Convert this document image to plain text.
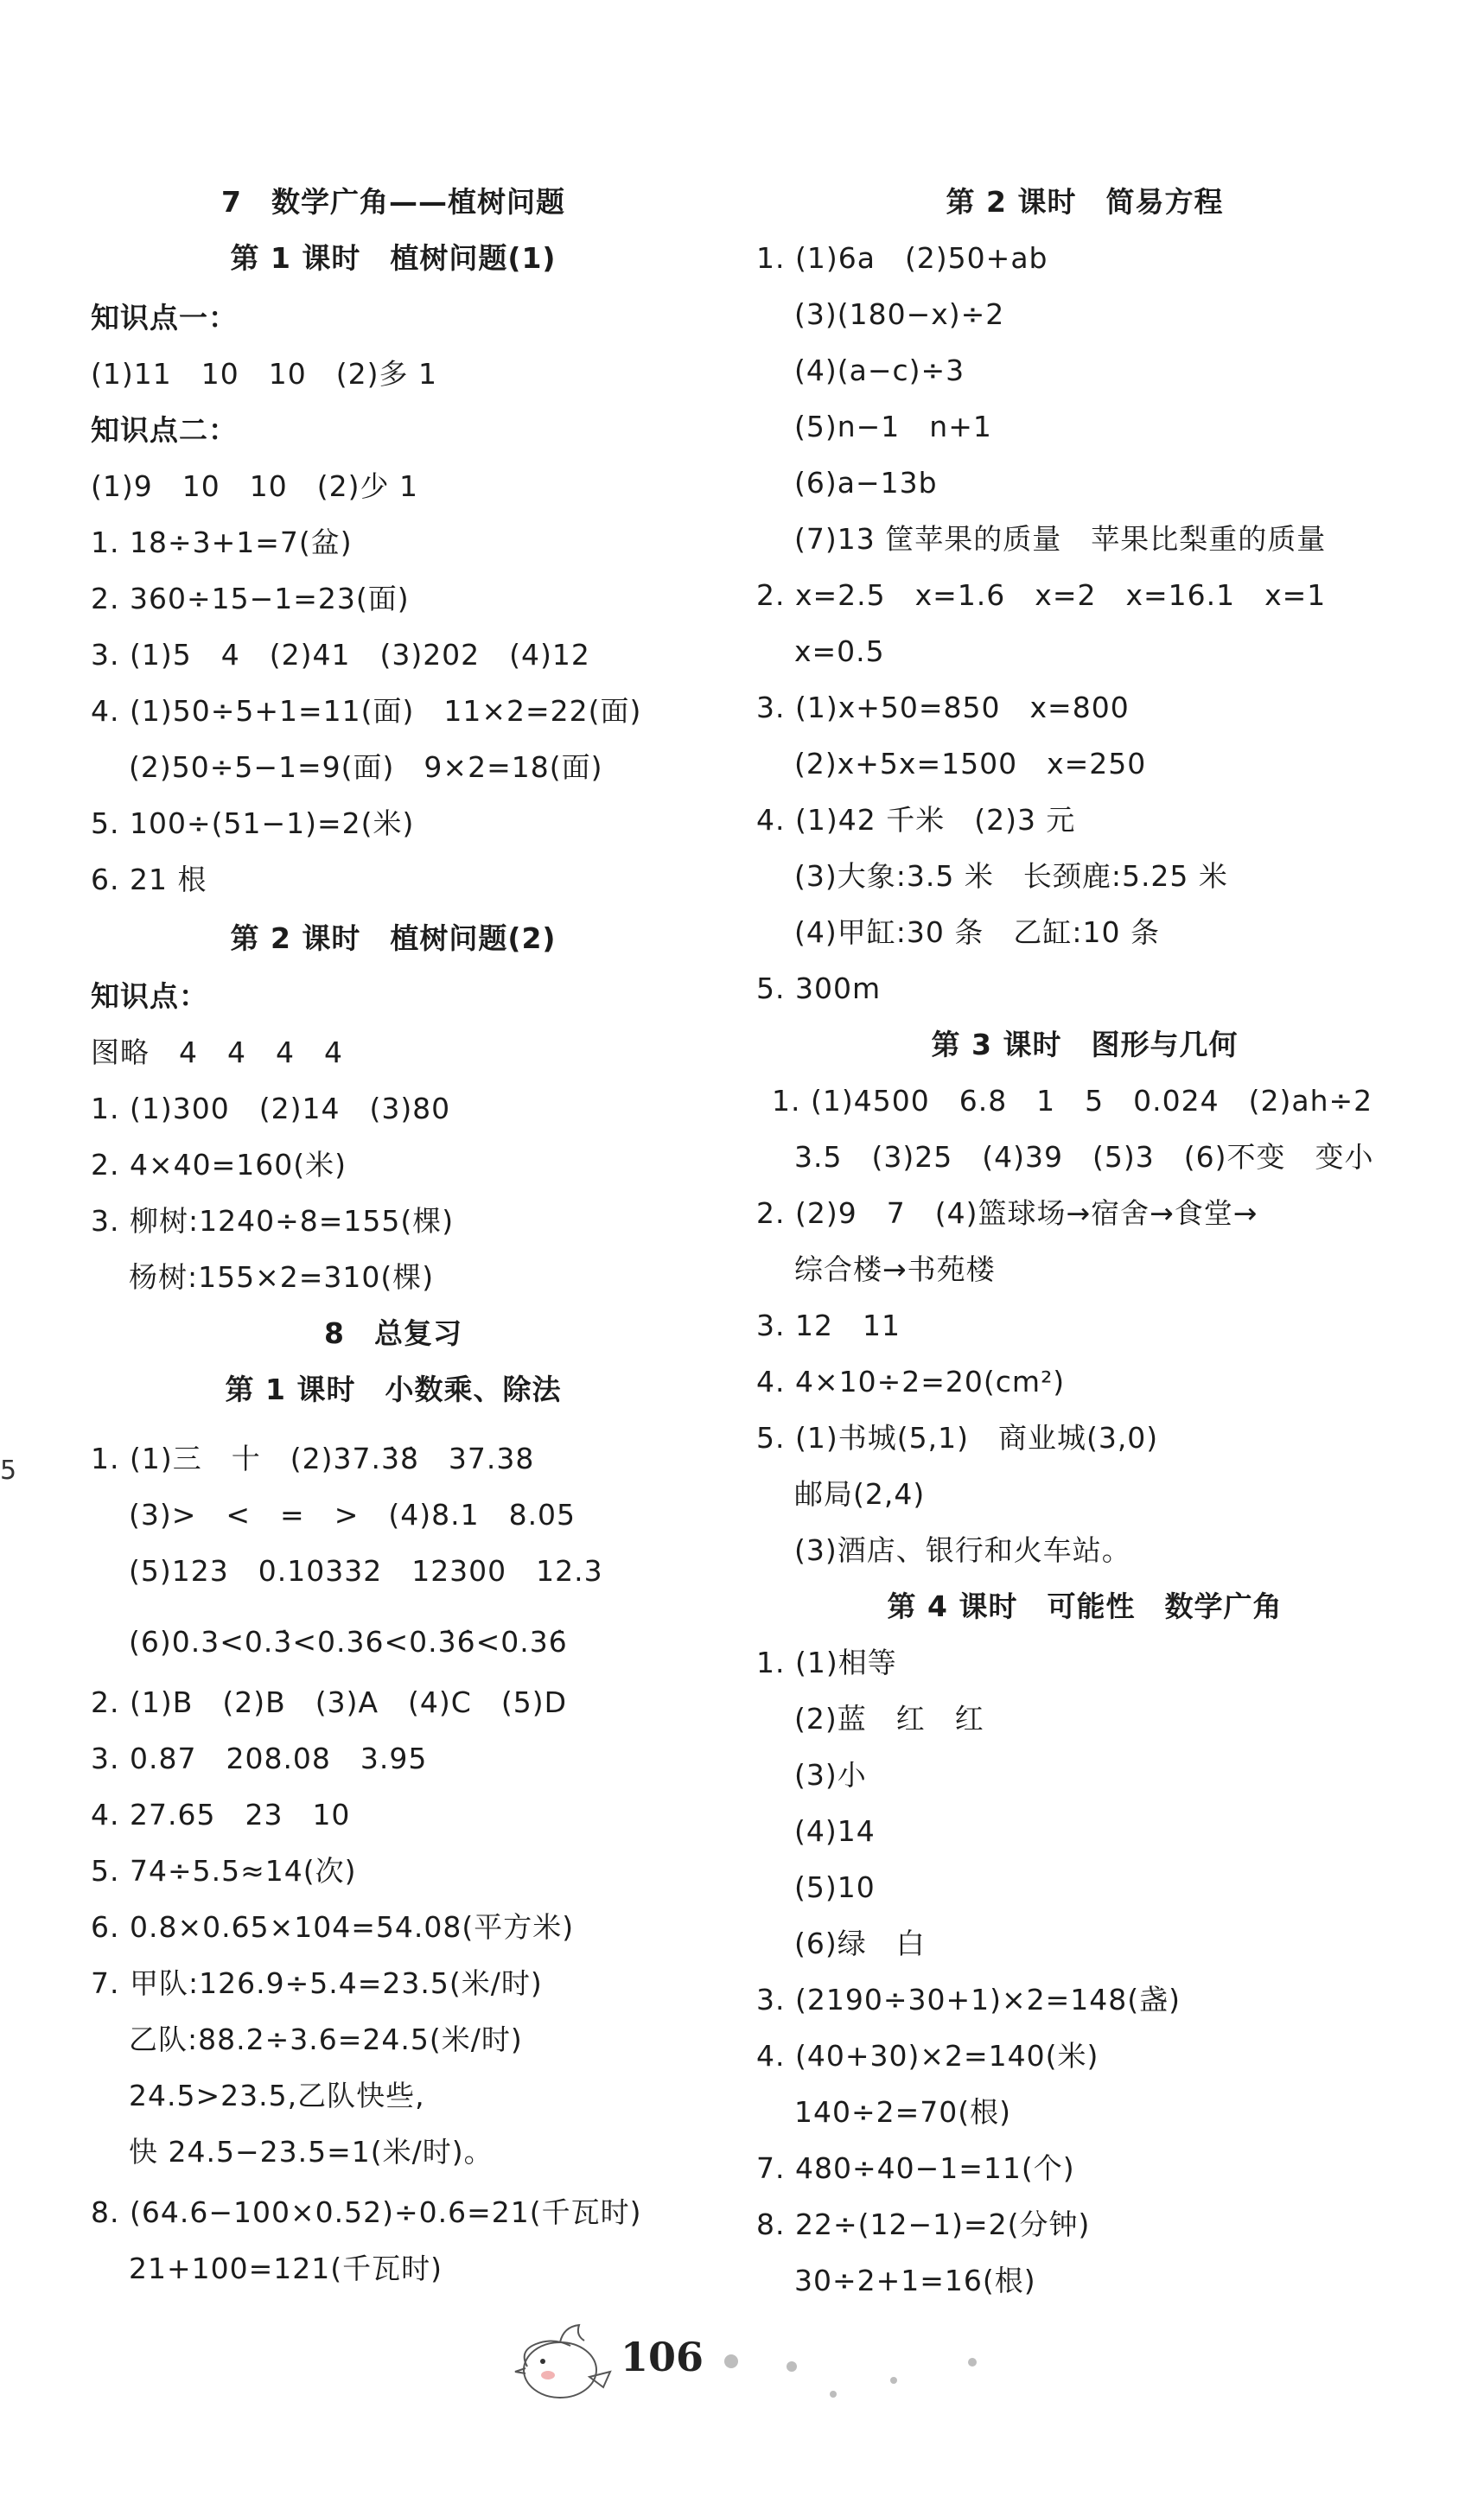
7　数学广角——植树问题
第 1 课时　植树问题(1)
知识点一：
(1)11　10　10　(2)多 1
知识点二：
(1)9　10　10　(2)少 1
1. 18÷3+1=7(盆)
2. 360÷15−1=23(面)
3. (1)5　4　(2)41　(3)202　(4)12
4. (1)50÷5+1=11(面)　11×2=22(面)
(2)50÷5−1=9(面)　9×2=18(面)
5. 100÷(51−1)=2(米)
6. 21 根
第 2 课时　植树问题(2)
知识点：
图略　4　4　4　4
1. (1)300　(2)14　(3)80
2. 4×40=160(米)
3. 柳树:1240÷8=155(棵)
杨树:155×2=310(棵)
8　总复习
第 1 课时　小数乘、除法
1. (1)三　十　(2)37.3̇8̇　37.38
(3)>　<　=　>　(4)8.1　8.05
(5)123　0.10332　12300　12.3
(6)0.3<0.3̇<0.36<0.3̇6̇<0.36̇
2. (1)B　(2)B　(3)A　(4)C　(5)D
3. 0.87　208.08　3.95
4. 27.65　23　10
5. 74÷5.5≈14(次)
6. 0.8×0.65×104=54.08(平方米)
7. 甲队:126.9÷5.4=23.5(米/时)
乙队:88.2÷3.6=24.5(米/时)
24.5>23.5,乙队快些,
快 24.5−23.5=1(米/时)。
8. (64.6−100×0.52)÷0.6=21(千瓦时)
21+100=121(千瓦时)
5
第 2 课时　简易方程
1. (1)6a　(2)50+ab
(3)(180−x)÷2
(4)(a−c)÷3
(5)n−1　n+1
(6)a−13b
(7)13 筐苹果的质量　苹果比梨重的质量
2. x=2.5　x=1.6　x=2　x=16.1　x=1
x=0.5
3. (1)x+50=850　x=800
(2)x+5x=1500　x=250
4. (1)42 千米　(2)3 元
(3)大象:3.5 米　长颈鹿:5.25 米
(4)甲缸:30 条　乙缸:10 条
5. 300m
第 3 课时　图形与几何
1. (1)4500　6.8　1　5　0.024　(2)ah÷2
3.5　(3)25　(4)39　(5)3　(6)不变　变小
2. (2)9　7　(4)篮球场→宿舍→食堂→
综合楼→书苑楼
3. 12　11
4. 4×10÷2=20(cm²)
5. (1)书城(5,1)　商业城(3,0)
邮局(2,4)
(3)酒店、银行和火车站。
第 4 课时　可能性　数学广角
1. (1)相等
(2)蓝　红　红
(3)小
(4)14
(5)10
(6)绿　白
3. (2190÷30+1)×2=148(盏)
4. (40+30)×2=140(米)
140÷2=70(根)
7. 480÷40−1=11(个)
8. 22÷(12−1)=2(分钟)
30÷2+1=16(根)
106
